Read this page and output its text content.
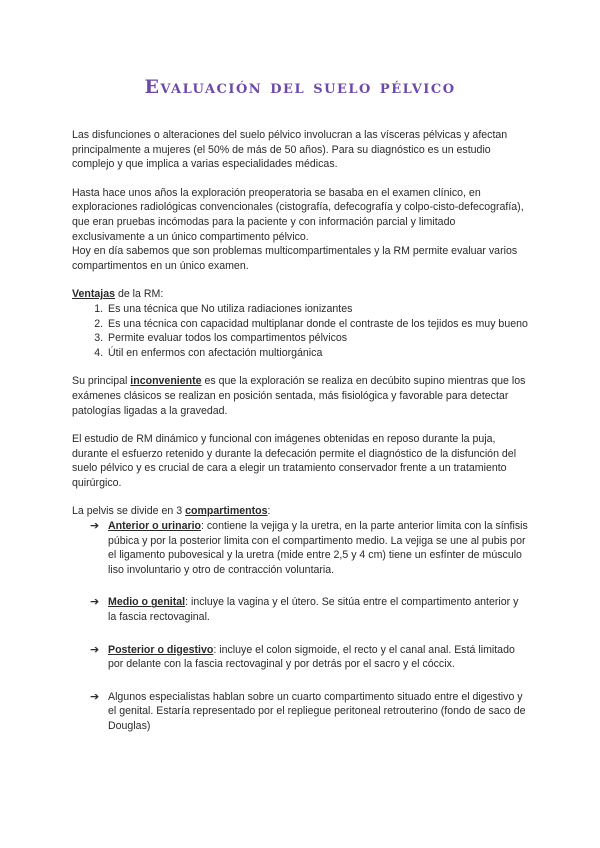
Evaluación del suelo pélvico

Las disfunciones o alteraciones del suelo pélvico involucran a las vísceras pélvicas y afectan principalmente a mujeres (el 50% de más de 50 años). Para su diagnóstico es un estudio complejo y que implica a varias especialidades médicas.

Hasta hace unos años la exploración preoperatoria se basaba en el examen clínico, en exploraciones radiológicas convencionales (cistografía, defecografía y colpo-cisto-defecografía), que eran pruebas incómodas para la paciente y con información parcial y limitado exclusivamente a un único compartimento pélvico.

Hoy en día sabemos que son problemas multicompartimentales y la RM permite evaluar varios compartimentos en un único examen.

Ventajas de la RM:

1. Es una técnica que No utiliza radiaciones ionizantes
2. Es una técnica con capacidad multiplanar donde el contraste de los tejidos es muy bueno
3. Permite evaluar todos los compartimentos pélvicos
4. Útil en enfermos con afectación multiorgánica

Su principal inconveniente es que la exploración se realiza en decúbito supino mientras que los exámenes clásicos se realizan en posición sentada, más fisiológica y favorable para detectar patologías ligadas a la gravedad.

El estudio de RM dinámico y funcional con imágenes obtenidas en reposo durante la puja, durante el esfuerzo retenido y durante la defecación permite el diagnóstico de la disfunción del suelo pélvico y es crucial de cara a elegir un tratamiento conservador frente a un tratamiento quirúrgico.

La pelvis se divide en 3 compartimentos:

➔ Anterior o urinario: contiene la vejiga y la uretra, en la parte anterior limita con la sínfisis púbica y por la posterior limita con el compartimento medio. La vejiga se une al pubis por el ligamento pubovesical y la uretra (mide entre 2,5 y 4 cm) tiene un esfínter de músculo liso involuntario y otro de contracción voluntaria.
➔ Medio o genital: incluye la vagina y el útero. Se sitúa entre el compartimento anterior y la fascia rectovaginal.
➔ Posterior o digestivo: incluye el colon sigmoide, el recto y el canal anal. Está limitado por delante con la fascia rectovaginal y por detrás por el sacro y el cóccix.
➔ Algunos especialistas hablan sobre un cuarto compartimento situado entre el digestivo y el genital. Estaría representado por el repliegue peritoneal retrouterino (fondo de saco de Douglas)
